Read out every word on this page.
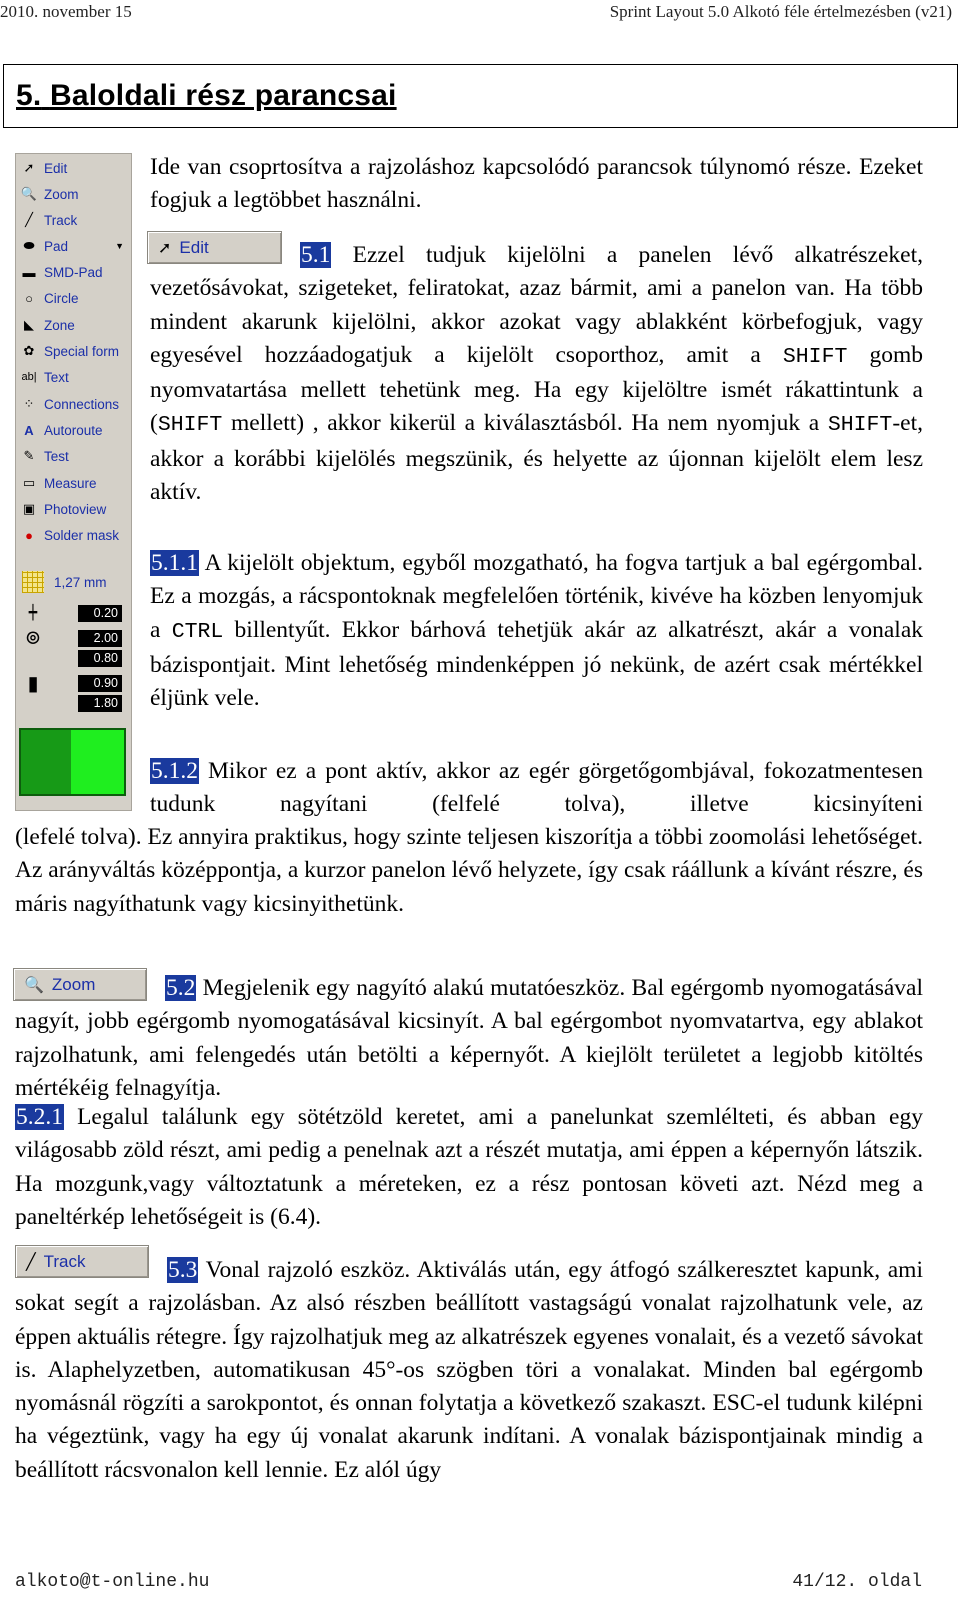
2010. november 15	Sprint Layout 5.0 Alkotó féle értelmezésben (v21)
5. Baloldali rész parancsai
➚ Edit
🔍 Zoom
╱ Track
⬬ Pad	▼
▬ SMD-Pad
○ Circle
◣ Zone
✿ Special form
ab| Text
⁘ Connections
A Autoroute
✎ Test
▭ Measure
▣ Photoview
● Solder mask
1,27 mm
┿	0.20
⊚	2.00
0.80
▮	0.90
1.80
Ide van csoprtosítva a rajzoláshoz kapcsolódó parancsok túlynomó része. Ezeket fogjuk a legtöbbet használni.
➚ Edit	5.1 Ezzel tudjuk kijelölni a panelen lévő alkatrészeket, vezetősávokat, szigeteket, feliratokat, azaz bármit, ami a panelon van. Ha több mindent akarunk kijelölni, akkor azokat vagy ablakként körbefogjuk, vagy egyesével hozzáadogatjuk a kijelölt csoporthoz, amit a SHIFT gomb nyomvatartása mellett tehetünk meg. Ha egy kijelöltre ismét rákattintunk a (SHIFT mellett) , akkor kikerül a kiválasztásból. Ha nem nyomjuk a SHIFT-et, akkor a korábbi kijelölés megszünik, és helyette az újonnan kijelölt elem lesz aktív.
5.1.1 A kijelölt objektum, egyből mozgatható, ha fogva tartjuk a bal egérgombal. Ez a mozgás, a rácspontoknak megfelelően történik, kivéve ha közben lenyomjuk a CTRL billentyűt. Ekkor bárhová tehetjük akár az alkatrészt, akár a vonalak bázispontjait. Mint lehetőség mindenképpen jó nekünk, de azért csak mértékkel éljünk vele.
5.1.2 Mikor ez a pont aktív, akkor az egér görgetőgombjával, fokozatmentesen tudunk nagyítani (felfelé tolva), illetve kicsinyíteni
(lefelé tolva). Ez annyira praktikus, hogy szinte teljesen kiszorítja a többi zoomolási lehetőséget. Az arányváltás középpontja, a kurzor panelon lévő helyzete, így csak ráállunk a kívánt részre, és máris nagyíthatunk vagy kicsinyithetünk.
🔍 Zoom	5.2 Megjelenik egy nagyító alakú mutatóeszköz. Bal egérgomb nyomogatásával nagyít, jobb egérgomb nyomogatásával kicsinyít. A bal egérgombot nyomvatartva, egy ablakot rajzolhatunk, ami felengedés után betölti a képernyőt. A kiejlölt területet a legjobb kitöltés mértékéig felnagyítja.
5.2.1 Legalul találunk egy sötétzöld keretet, ami a panelunkat szemlélteti, és abban egy világosabb zöld részt, ami pedig a penelnak azt a részét mutatja, ami éppen a képernyőn látszik. Ha mozgunk,vagy változtatunk a méreteken, ez a rész pontosan követi azt. Nézd meg a paneltérkép lehetőségeit is (6.4).
╱ Track	5.3 Vonal rajzoló eszköz. Aktiválás után, egy átfogó szálkeresztet kapunk, ami sokat segít a rajzolásban. Az alsó részben beállított vastagságú vonalat rajzolhatunk vele, az éppen aktuális rétegre. Így rajzolhatjuk meg az alkatrészek egyenes vonalait, és a vezető sávokat is. Alaphelyzetben, automatikusan 45°-os szögben töri a vonalakat. Minden bal egérgomb nyomásnál rögzíti a sarokpontot, és onnan folytatja a következő szakaszt. ESC-el tudunk kilépni ha végeztünk, vagy ha egy új vonalat akarunk indítani. A vonalak bázispontjainak mindig a beállított rácsvonalon kell lennie. Ez alól úgy
alkoto@t-online.hu	41/12. oldal
